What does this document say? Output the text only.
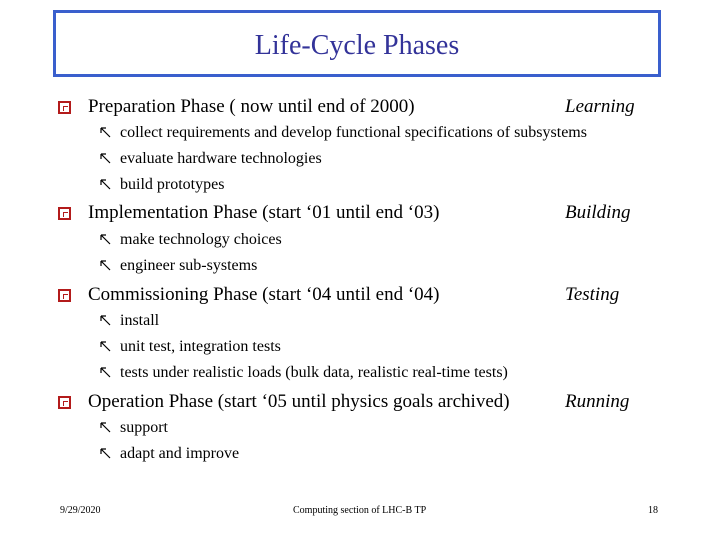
Life-Cycle Phases
Preparation Phase ( now until end of 2000)	Learning
collect requirements and develop functional specifications of subsystems
evaluate hardware technologies
build prototypes
Implementation Phase (start ‘01 until end ‘03)	Building
make technology choices
engineer sub-systems
Commissioning Phase (start ‘04 until end ‘04)	Testing
install
unit test, integration tests
tests under realistic loads (bulk data, realistic real-time tests)
Operation Phase (start ‘05 until physics goals archived)	Running
support
adapt and improve
9/29/2020	Computing section of LHC-B TP	18
